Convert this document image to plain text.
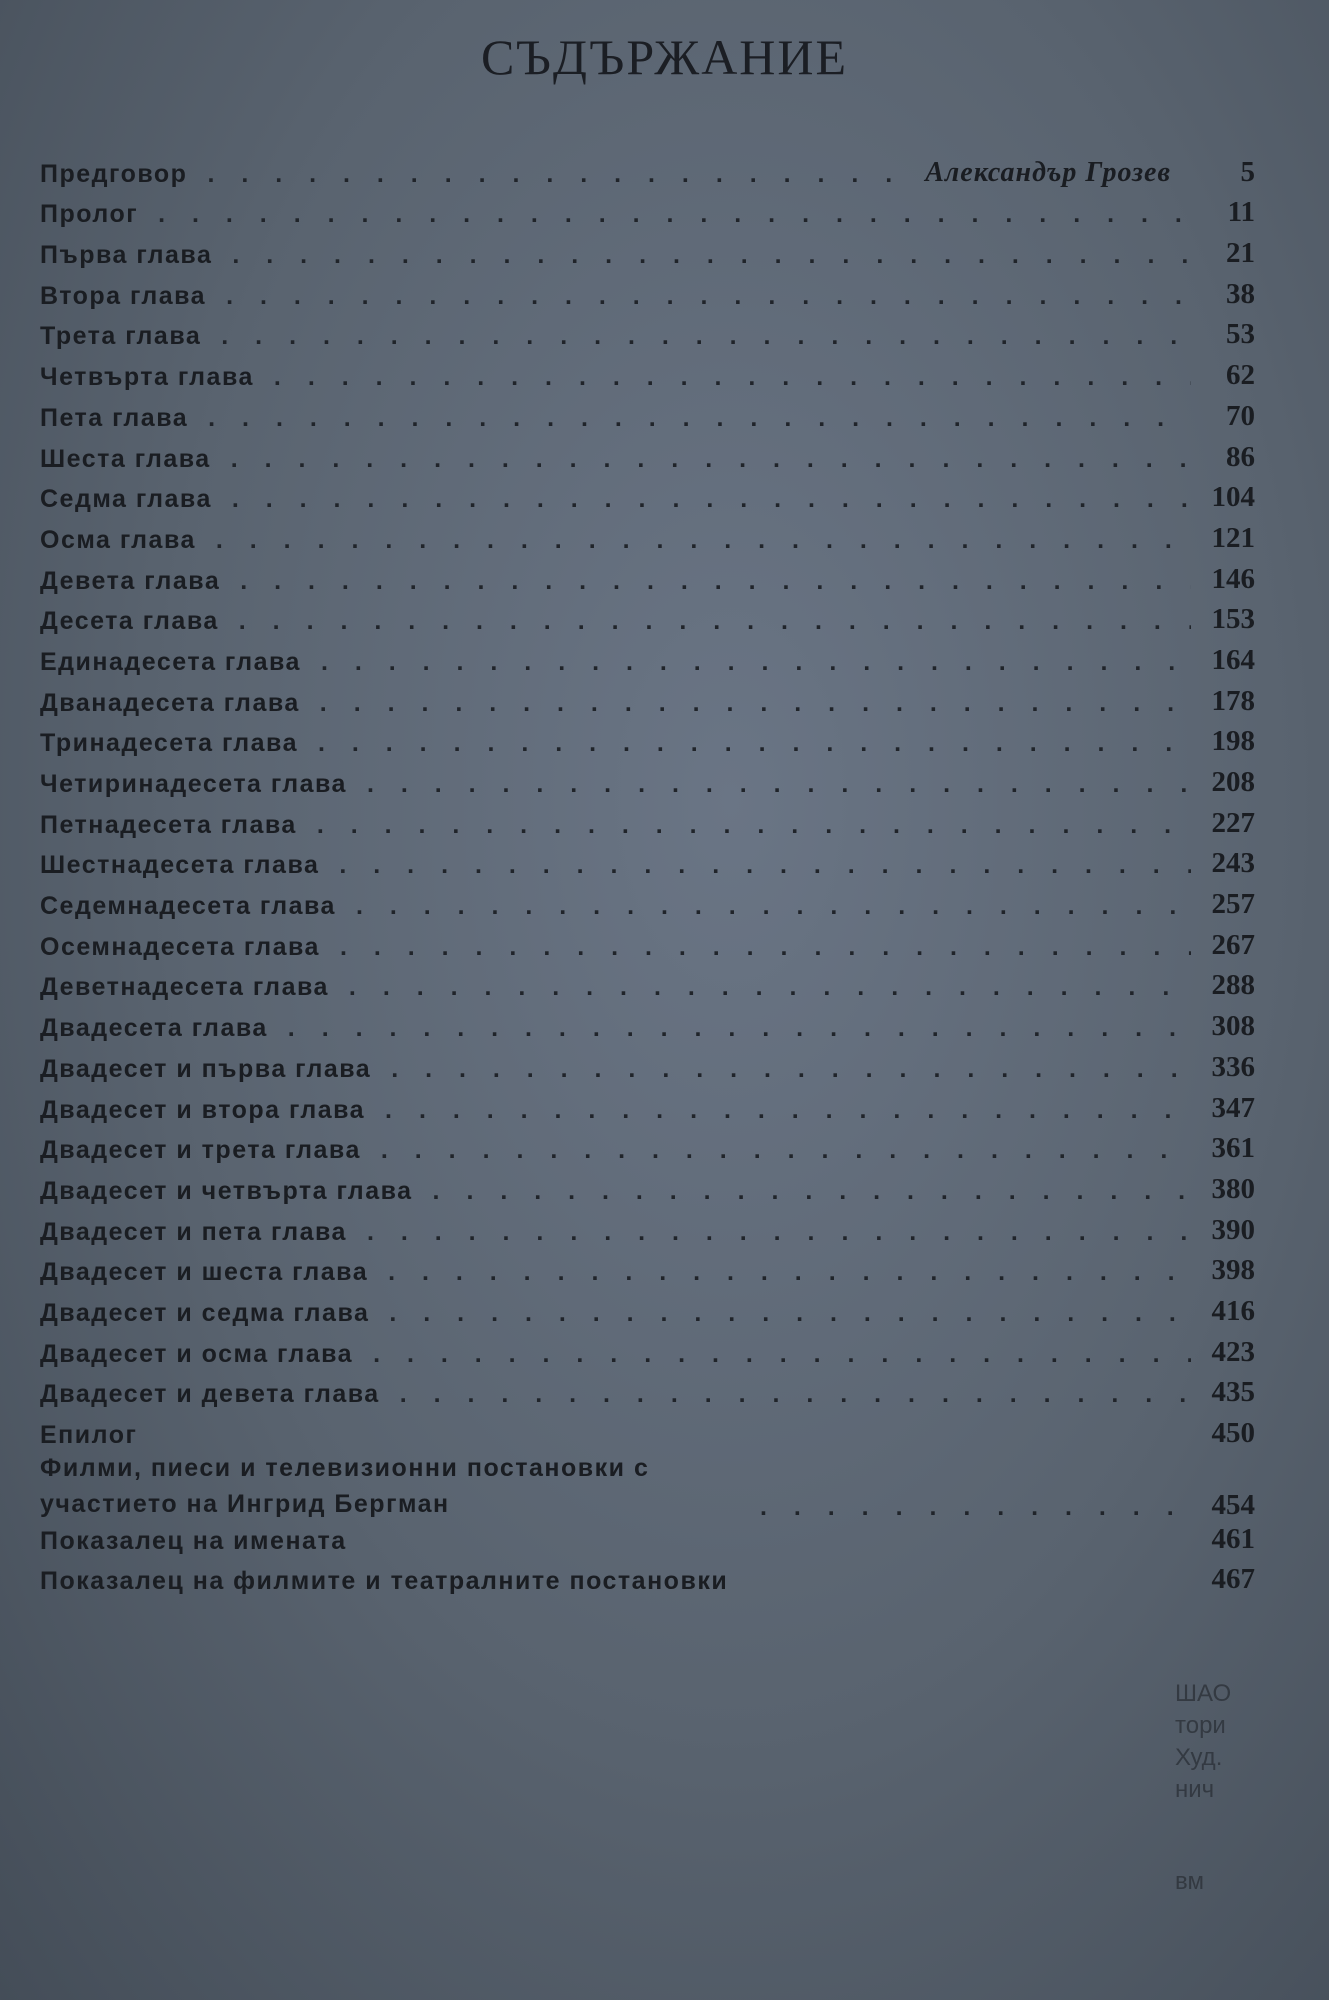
СЪДЪРЖАНИЕ
Предговор . . .	Александър Грозев	5
Пролог . . .	11
Първа глава . . .	21
Втора глава . . .	38
Трета глава . . .	53
Четвърта глава . . .	62
Пета глава . . .	70
Шеста глава . . .	86
Седма глава . . .	104
Осма глава . . .	121
Девета глава . . .	146
Десета глава . . .	153
Единадесета глава . . .	164
Дванадесета глава . . .	178
Тринадесета глава . . .	198
Четиринадесета глава . . .	208
Петнадесета глава . . .	227
Шестнадесета глава . . .	243
Седемнадесета глава . . .	257
Осемнадесета глава . . .	267
Деветнадесета глава . . .	288
Двадесета глава . . .	308
Двадесет и първа глава . . .	336
Двадесет и втора глава . . .	347
Двадесет и трета глава . . .	361
Двадесет и четвърта глава . . .	380
Двадесет и пета глава . . .	390
Двадесет и шеста глава . . .	398
Двадесет и седма глава . . .	416
Двадесет и осма глава . . .	423
Двадесет и девета глава . . .	435
Епилог	450
Филми, пиеси и телевизионни постановки с участието на Ингрид Бергман . . .	454
Показалец на имената	461
Показалец на филмите и театралните постановки	467
ШАО
тори
Худ.
нич
вм
